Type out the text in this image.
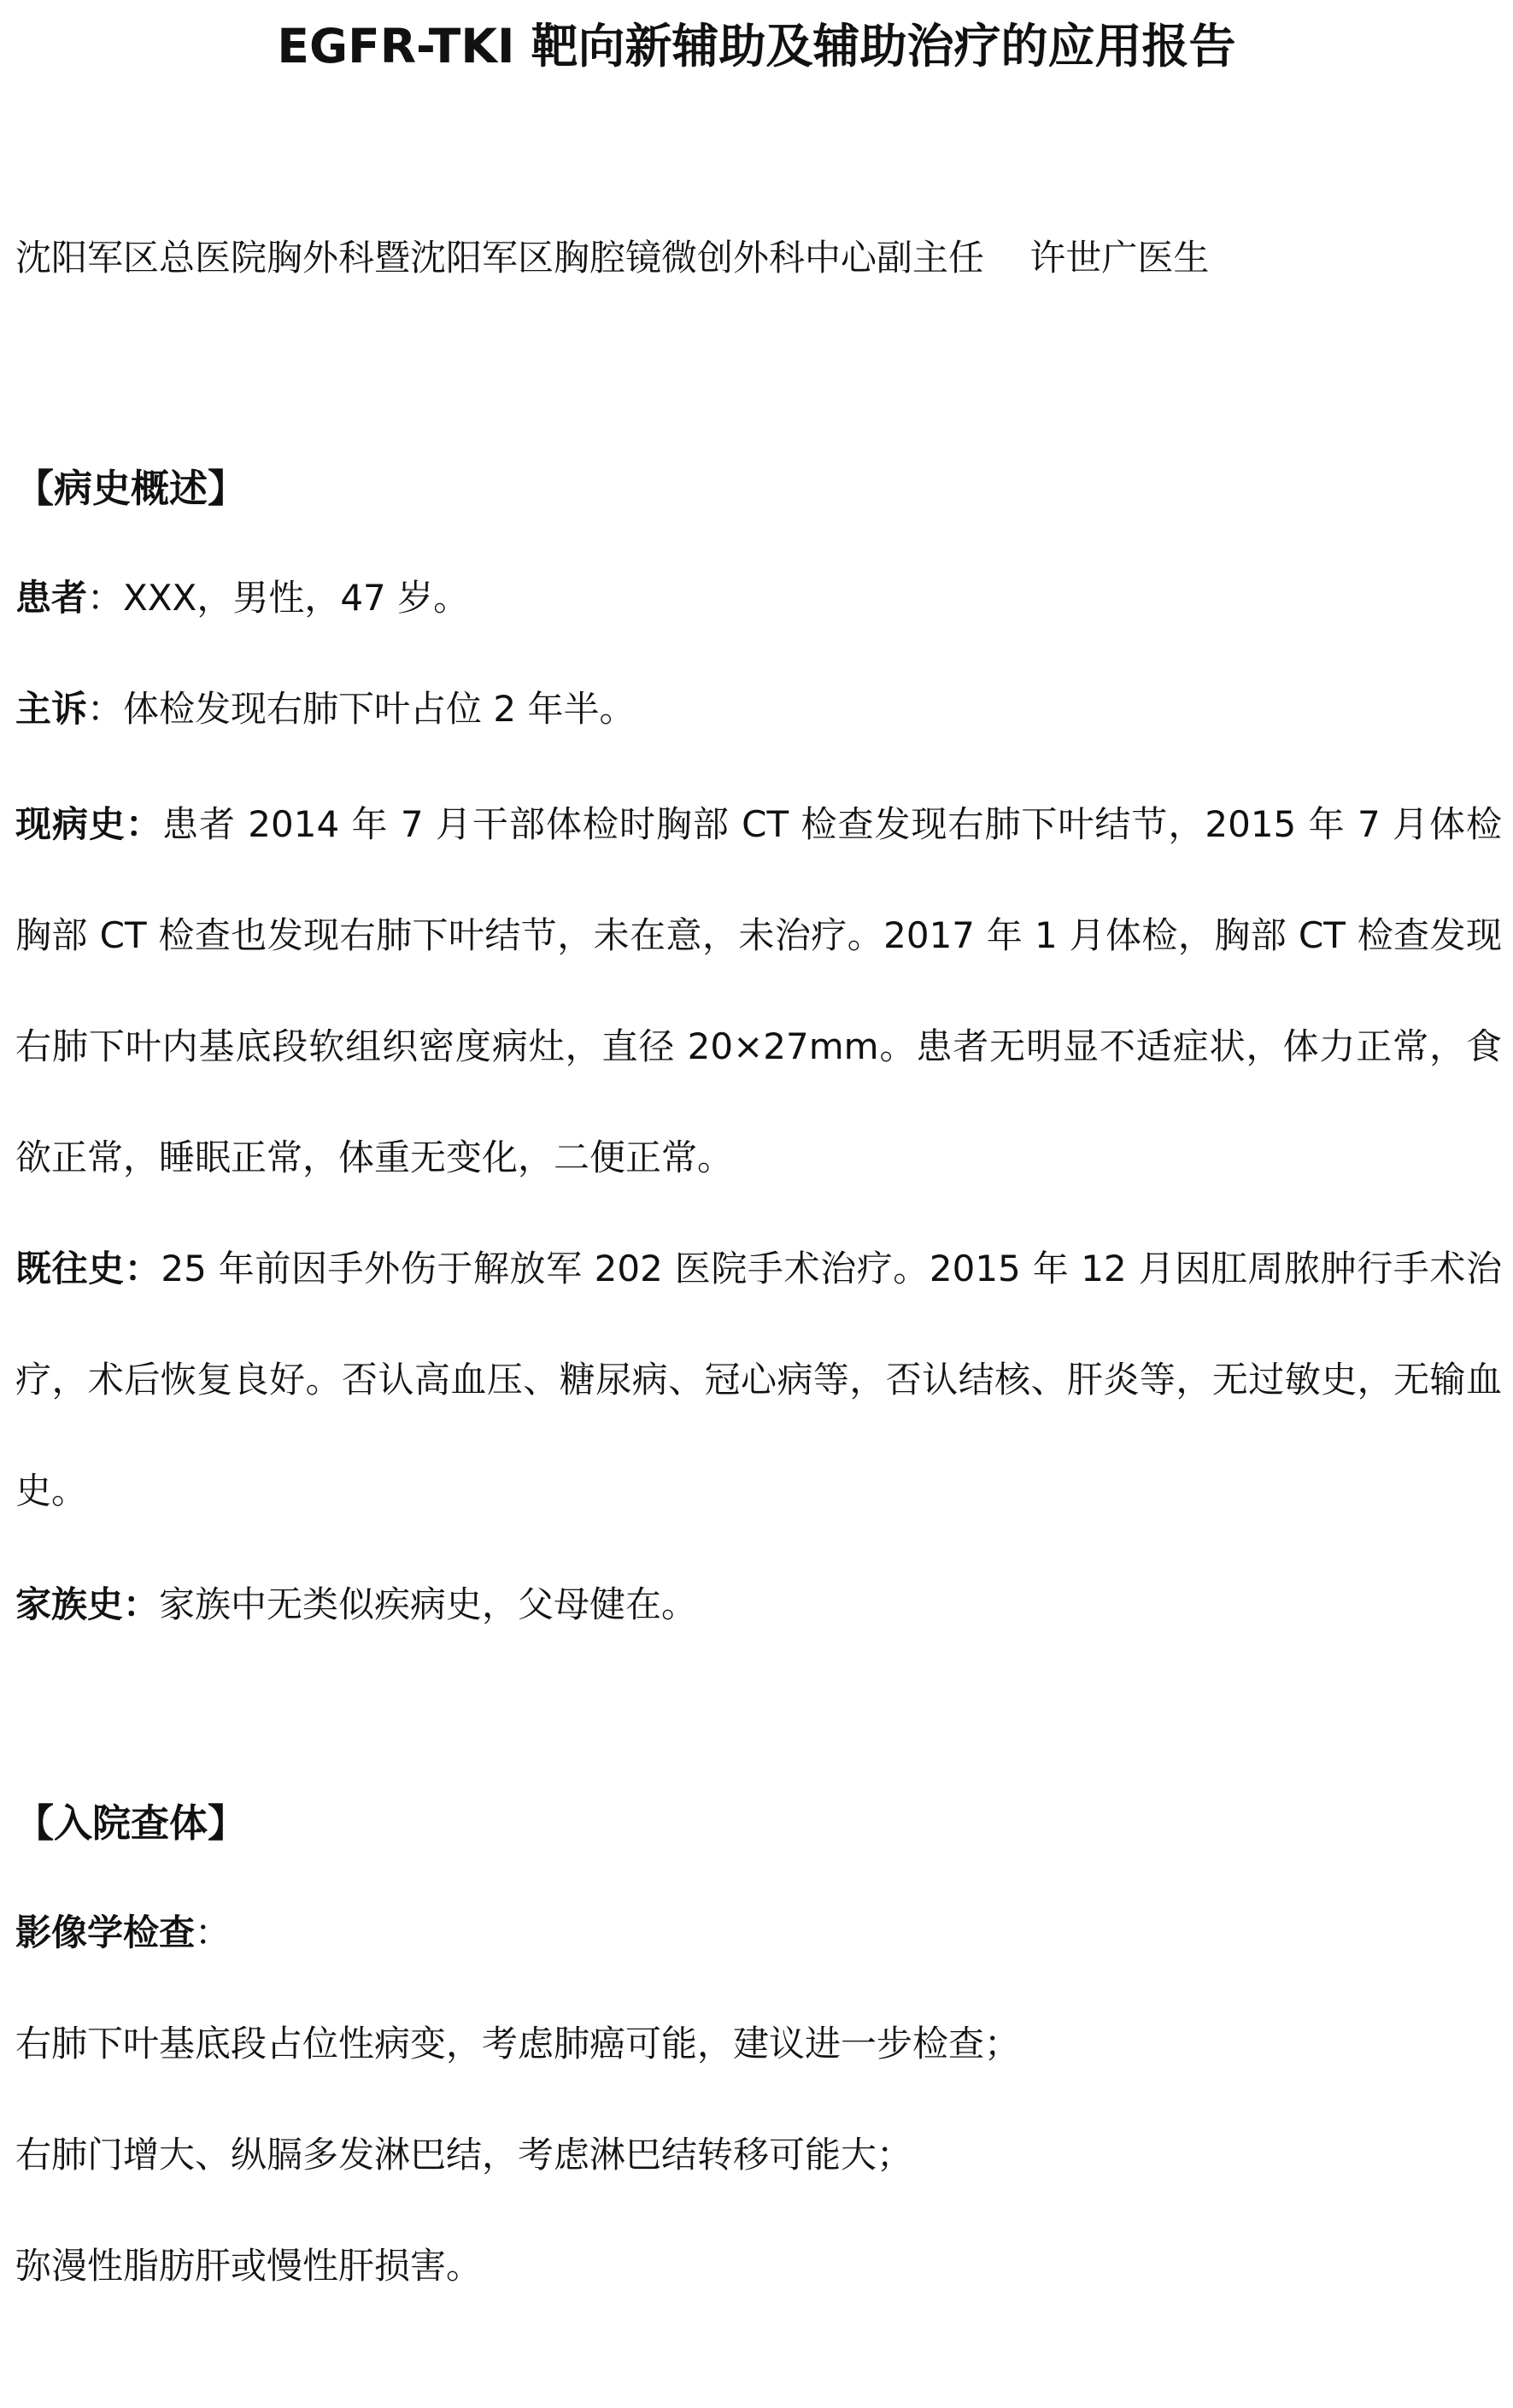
EGFR-TKI 靶向新辅助及辅助治疗的应用报告

沈阳军区总医院胸外科暨沈阳军区胸腔镜微创外科中心副主任    许世广医生

【病史概述】

患者：XXX，男性，47 岁。

主诉：体检发现右肺下叶占位 2 年半。

现病史：患者 2014 年 7 月干部体检时胸部 CT 检查发现右肺下叶结节，2015 年 7 月体检胸部 CT 检查也发现右肺下叶结节，未在意，未治疗。2017 年 1 月体检，胸部 CT 检查发现右肺下叶内基底段软组织密度病灶，直径 20×27mm。患者无明显不适症状，体力正常，食欲正常，睡眠正常，体重无变化，二便正常。

既往史：25 年前因手外伤于解放军 202 医院手术治疗。2015 年 12 月因肛周脓肿行手术治疗，术后恢复良好。否认高血压、糖尿病、冠心病等，否认结核、肝炎等，无过敏史，无输血史。

家族史：家族中无类似疾病史，父母健在。

【入院查体】

影像学检查：

右肺下叶基底段占位性病变，考虑肺癌可能，建议进一步检查；

右肺门增大、纵膈多发淋巴结，考虑淋巴结转移可能大；

弥漫性脂肪肝或慢性肝损害。
